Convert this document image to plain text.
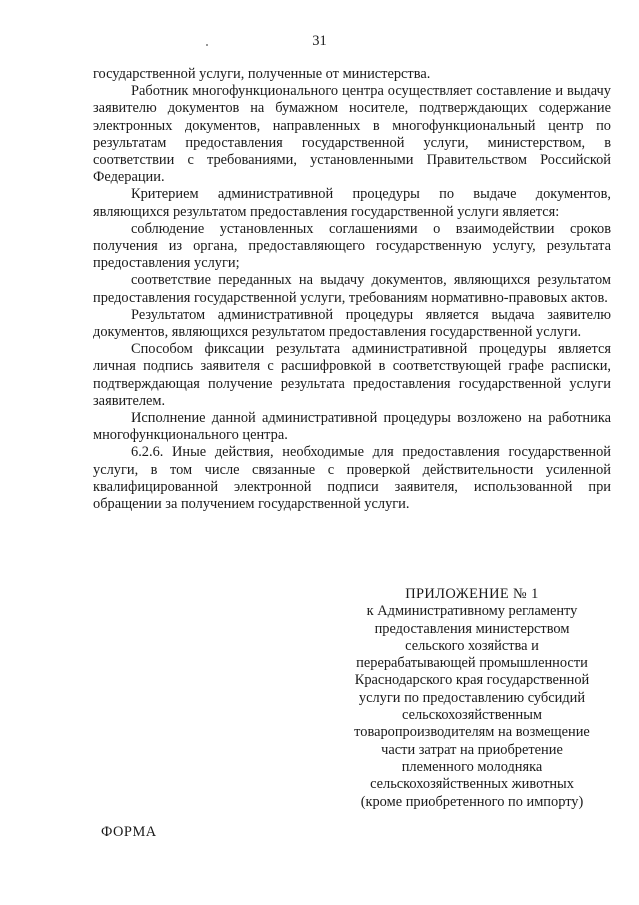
31

государственной услуги, полученные от министерства.

Работник многофункционального центра осуществляет составление и выдачу заявителю документов на бумажном носителе, подтверждающих содержание электронных документов, направленных в многофункциональный центр по результатам предоставления государственной услуги, министерством, в соответствии с требованиями, установленными Правительством Российской Федерации.

Критерием административной процедуры по выдаче документов, являющихся результатом предоставления государственной услуги является:

соблюдение установленных соглашениями о взаимодействии сроков получения из органа, предоставляющего государственную услугу, результата предоставления услуги;

соответствие переданных на выдачу документов, являющихся результатом предоставления государственной услуги, требованиям нормативно-правовых актов.

Результатом административной процедуры является выдача заявителю документов, являющихся результатом предоставления государственной услуги.

Способом фиксации результата административной процедуры является личная подпись заявителя с расшифровкой в соответствующей графе расписки, подтверждающая получение результата предоставления государственной услуги заявителем.

Исполнение данной административной процедуры возложено на работника многофункционального центра.

6.2.6. Иные действия, необходимые для предоставления государственной услуги, в том числе связанные с проверкой действительности усиленной квалифицированной электронной подписи заявителя, использованной при обращении за получением государственной услуги.

ПРИЛОЖЕНИЕ № 1
к Административному регламенту
предоставления министерством
сельского хозяйства и
перерабатывающей промышленности
Краснодарского края государственной
услуги по предоставлению субсидий
сельскохозяйственным
товаропроизводителям на возмещение
части затрат на приобретение
племенного молодняка
сельскохозяйственных животных
(кроме приобретенного по импорту)
ФОРМА
